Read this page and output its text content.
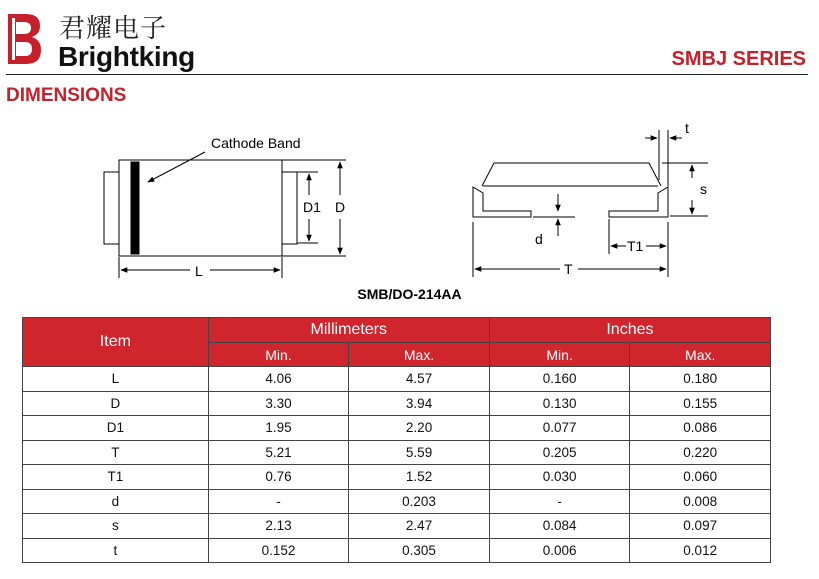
君耀电子
Brightking	SMBJ SERIES
DIMENSIONS
Cathode Band
D1 D
L
t
s
d	T1
T
SMB/DO-214AA
Item	Millimeters		Inches	
	Min.	Max.	Min.	Max.
L	4.06	4.57	0.160	0.180
D	3.30	3.94	0.130	0.155
D1	1.95	2.20	0.077	0.086
T	5.21	5.59	0.205	0.220
T1	0.76	1.52	0.030	0.060
d	-	0.203	-	0.008
s	2.13	2.47	0.084	0.097
t	0.152	0.305	0.006	0.012
